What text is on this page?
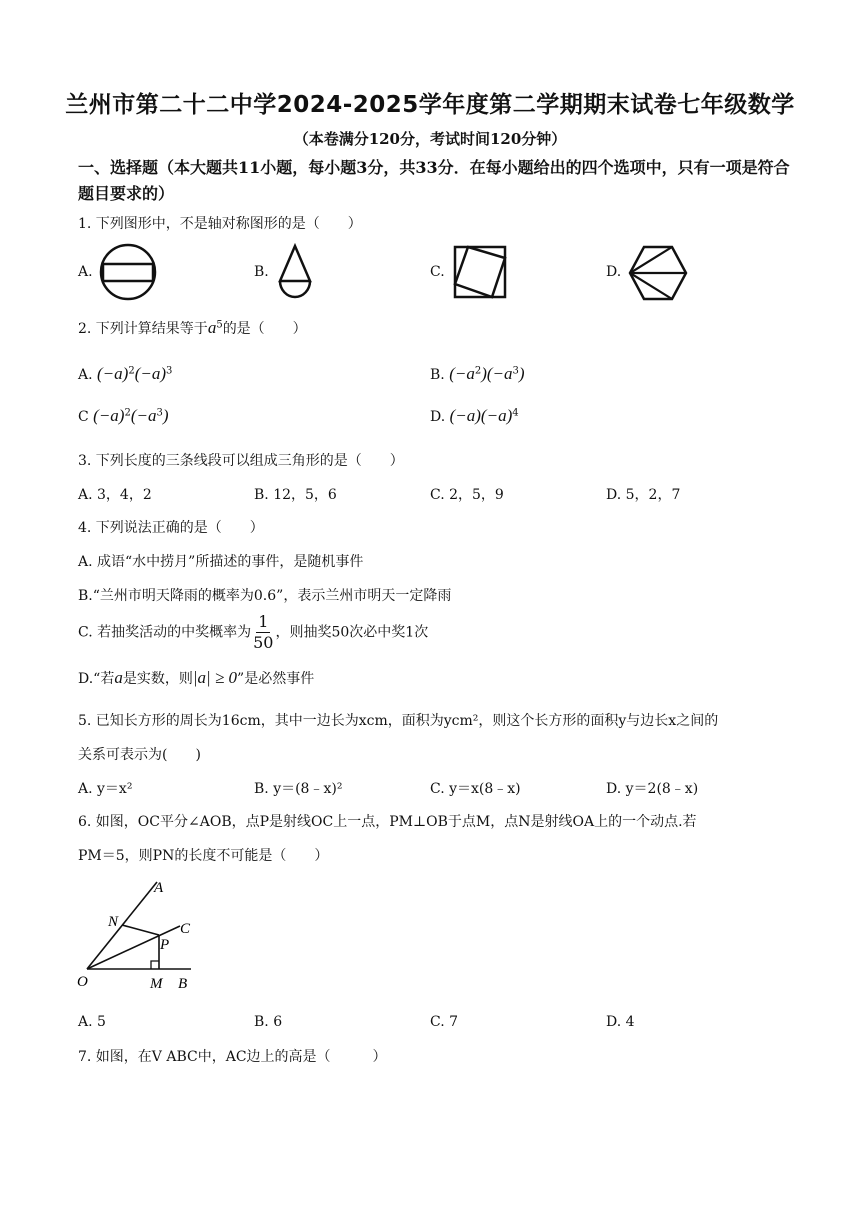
兰州市第二十二中学2024-2025学年度第二学期期末试卷七年级数学
（本卷满分120分，考试时间120分钟）
一、选择题（本大题共11小题，每小题3分，共33分．在每小题给出的四个选项中，只有一项是符合题目要求的）
1. 下列图形中，不是轴对称图形的是（　　）
A.	B.	C.	D.
2. 下列计算结果等于$a^5$的是（　　）
A. $(-a)^2(-a)^3$	B. $(-a^2)(-a^3)$
C $(-a)^2(-a^3)$	D. $(-a)(-a)^4$
3. 下列长度的三条线段可以组成三角形的是（　　）
A. 3，4，2	B. 12，5，6	C. 2，5，9	D. 5，2，7
4. 下列说法正确的是（　　）
A. 成语“水中捞月”所描述的事件，是随机事件
B.“兰州市明天降雨的概率为0.6”，表示兰州市明天一定降雨
C. 若抽奖活动的中奖概率为 $\frac{1}{50}$ ，则抽奖50次必中奖1次
D.“若a是实数，则|a| ≥ 0”是必然事件
5. 已知长方形的周长为16cm，其中一边长为xcm，面积为ycm²，则这个长方形的面积y与边长x之间的
关系可表示为(　　)
A. y＝x²	B. y＝(8﹣x)²	C. y＝x(8﹣x)	D. y＝2(8﹣x)
6. 如图，OC平分∠AOB，点P是射线OC上一点，PM⊥OB于点M，点N是射线OA上的一个动点.若
PM＝5，则PN的长度不可能是（　　）
A
N	C
P
O	M B
A. 5	B. 6	C. 7	D. 4
7. 如图，在V ABC中，AC边上的高是（　　　）
